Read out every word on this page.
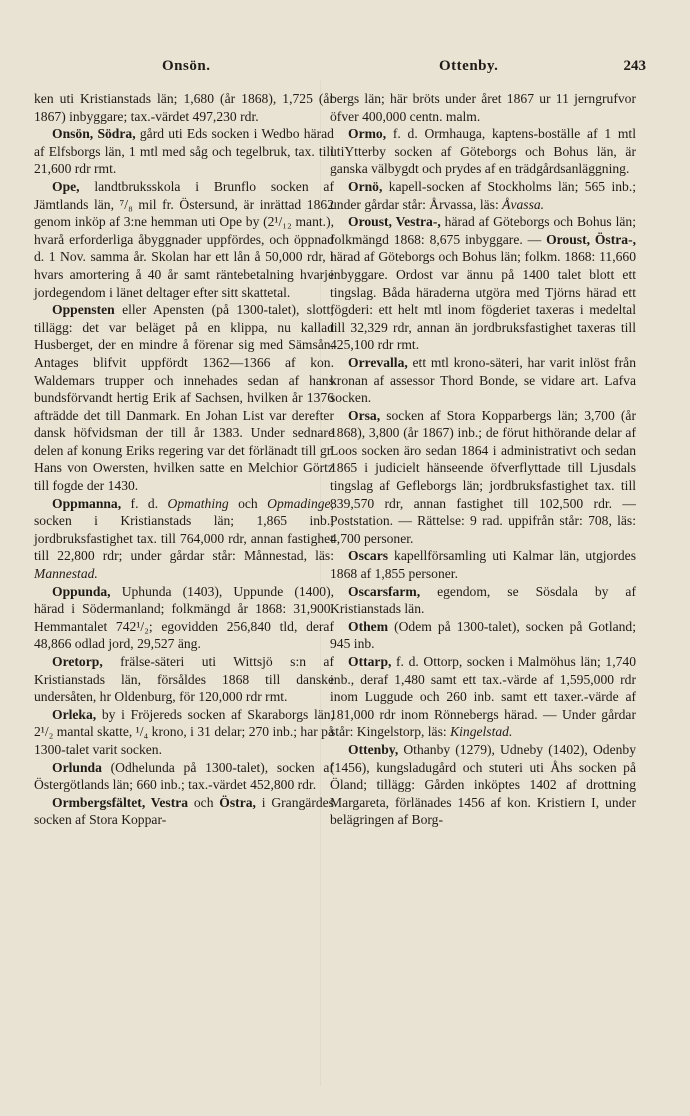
Onsön.	Ottenby.	243

ken uti Kristianstads län; 1,680 (år 1868), 1,725 (år 1867) inbyggare; tax.-värdet 497,230 rdr.

Onsön, Södra, gård uti Eds socken i Wedbo härad af Elfsborgs län, 1 mtl med såg och tegelbruk, tax. till 21,600 rdr rmt.

Ope, landtbruksskola i Brunflo socken af Jämtlands län, ⁷/₈ mil fr. Östersund, är inrättad 1862 genom inköp af 3:ne hemman uti Ope by (2¹/₁₂ mant.), hvarå erforderliga åbyggnader uppfördes, och öppnad d. 1 Nov. samma år. Skolan har ett lån å 50,000 rdr, i hvars amortering å 40 år samt räntebetalning hvarje jordegendom i länet deltager efter sitt skattetal.

Oppensten eller Apensten (på 1300-talet), slott; tillägg: det var beläget på en klippa, nu kallad Husberget, der en mindre å förenar sig med Sämsån. Antages blifvit uppfördt 1362—1366 af kon. Waldemars trupper och innehades sedan af hans bundsförvandt hertig Erik af Sachsen, hvilken år 1376 afträdde det till Danmark. En Johan List var derefter dansk höfvidsman der till år 1383. Under sednare delen af konung Eriks regering var det förlänadt till gr. Hans von Owersten, hvilken satte en Melchior Görtz till fogde der 1430.

Oppmanna, f. d. Opmathing och Opmadinge, socken i Kristianstads län; 1,865 inb.; jordbruksfastighet tax. till 764,000 rdr, annan fastighet till 22,800 rdr; under gårdar står: Månnestad, läs: Mannestad.

Oppunda, Uphunda (1403), Uppunde (1400), härad i Södermanland; folkmängd år 1868: 31,900. Hemmantalet 742¹/₂; egovidden 256,840 tld, deraf 48,866 odlad jord, 29,527 äng.

Oretorp, frälse-säteri uti Wittsjö s:n af Kristianstads län, försåldes 1868 till danske undersåten, hr Oldenburg, för 120,000 rdr rmt.

Orleka, by i Fröjereds socken af Skaraborgs län, 2¹/₂ mantal skatte, ¹/₄ krono, i 31 delar; 270 inb.; har på 1300-talet varit socken.

Orlunda (Odhelunda på 1300-talet), socken af Östergötlands län; 660 inb.; tax.-värdet 452,800 rdr.

Ormbergsfältet, Vestra och Östra, i Grangärdes socken af Stora Koppar-

bergs län; här bröts under året 1867 ur 11 jerngrufvor öfver 400,000 centn. malm.

Ormo, f. d. Ormhauga, kaptens-boställe af 1 mtl utiYtterby socken af Göteborgs och Bohus län, är ganska välbygdt och prydes af en trädgårdsanläggning.

Ornö, kapell-socken af Stockholms län; 565 inb.; under gårdar står: Årvassa, läs: Åvassa.

Oroust, Vestra-, härad af Göteborgs och Bohus län; folkmängd 1868: 8,675 inbyggare. — Oroust, Östra-, härad af Göteborgs och Bohus län; folkm. 1868: 11,660 inbyggare. Ordost var ännu på 1400 talet blott ett tingslag. Båda häraderna utgöra med Tjörns härad ett fögderi: ett helt mtl inom fögderiet taxeras i medeltal till 32,329 rdr, annan än jordbruksfastighet taxeras till 425,100 rdr rmt.

Orrevalla, ett mtl krono-säteri, har varit inlöst från kronan af assessor Thord Bonde, se vidare art. Lafva socken.

Orsa, socken af Stora Kopparbergs län; 3,700 (år 1868), 3,800 (år 1867) inb.; de förut hithörande delar af Loos socken äro sedan 1864 i administrativt och sedan 1865 i judicielt hänseende öfverflyttade till Ljusdals tingslag af Gefleborgs län; jordbruksfastighet tax. till 839,570 rdr, annan fastighet till 102,500 rdr. — Poststation. — Rättelse: 9 rad. uppifrån står: 708, läs: 4,700 personer.

Oscars kapellförsamling uti Kalmar län, utgjordes 1868 af 1,855 personer.

Oscarsfarm, egendom, se Sösdala by af Kristianstads län.

Othem (Odem på 1300-talet), socken på Gotland; 945 inb.

Ottarp, f. d. Ottorp, socken i Malmöhus län; 1,740 inb., deraf 1,480 samt ett tax.-värde af 1,595,000 rdr inom Luggude och 260 inb. samt ett taxer.-värde af 181,000 rdr inom Rönnebergs härad. — Under gårdar står: Kingelstorp, läs: Kingelstad.

Ottenby, Othanby (1279), Udneby (1402), Odenby (1456), kungsladugård och stuteri uti Åhs socken på Öland; tillägg: Gården inköptes 1402 af drottning Margareta, förlänades 1456 af kon. Kristiern I, under belägringen af Borg-
